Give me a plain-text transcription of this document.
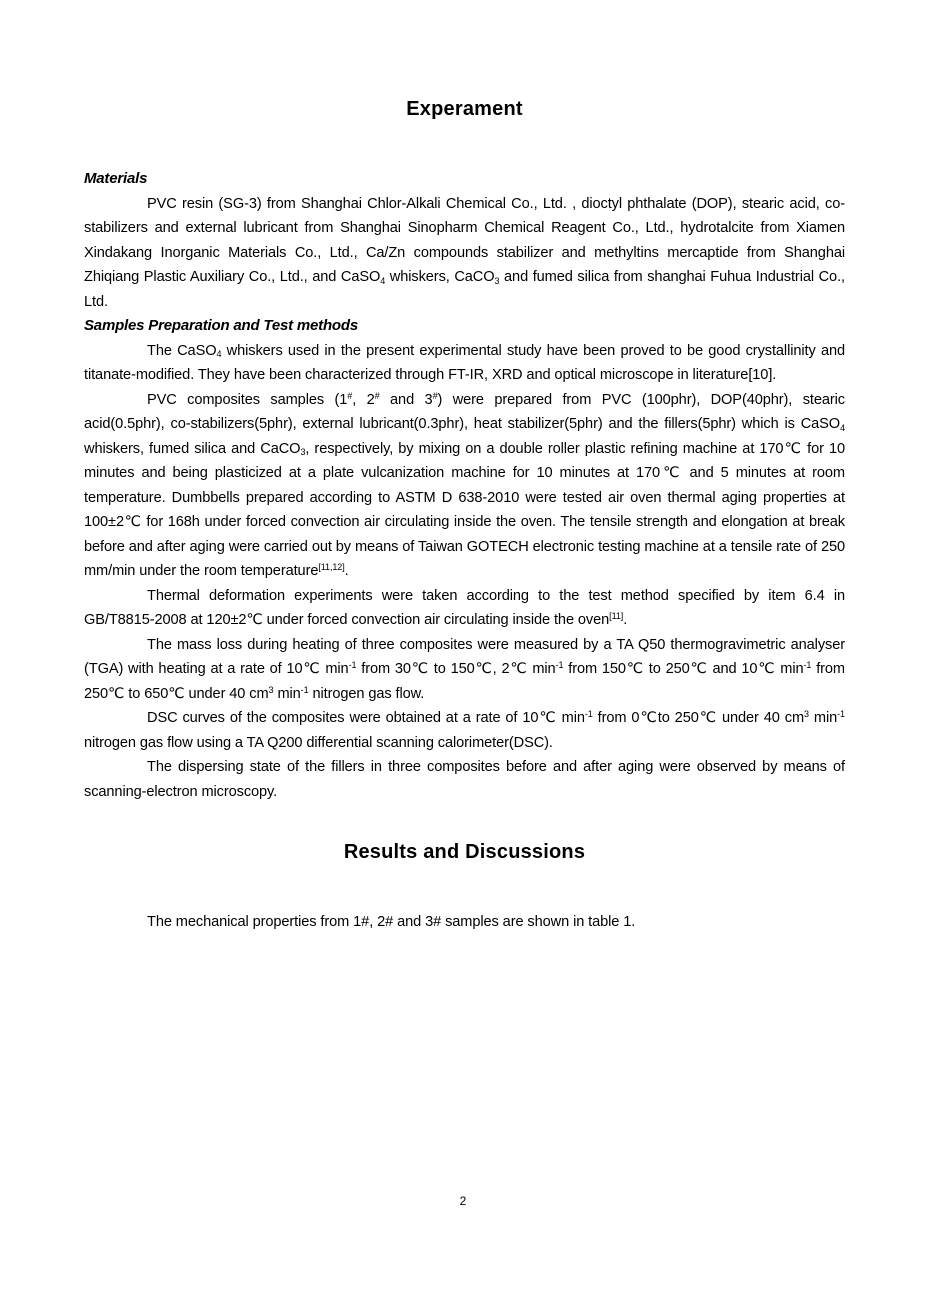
Experament
Materials

PVC resin (SG-3) from Shanghai Chlor-Alkali Chemical Co., Ltd. , dioctyl phthalate (DOP), stearic acid, co-stabilizers and external lubricant from Shanghai Sinopharm Chemical Reagent Co., Ltd., hydrotalcite from Xiamen Xindakang Inorganic Materials Co., Ltd., Ca/Zn compounds stabilizer and methyltins mercaptide from Shanghai Zhiqiang Plastic Auxiliary Co., Ltd., and CaSO$_4$ whiskers, CaCO$_3$ and fumed silica from shanghai Fuhua Industrial Co., Ltd.

Samples Preparation and Test methods

The CaSO$_4$ whiskers used in the present experimental study have been proved to be good crystallinity and titanate-modified. They have been characterized through FT-IR, XRD and optical microscope in literature[10].

PVC composites samples (1#, 2# and 3#) were prepared from PVC (100phr), DOP(40phr), stearic acid(0.5phr), co-stabilizers(5phr), external lubricant(0.3phr), heat stabilizer(5phr) and the fillers(5phr) which is CaSO$_4$ whiskers, fumed silica and CaCO$_3$, respectively, by mixing on a double roller plastic refining machine at 170℃ for 10 minutes and being plasticized at a plate vulcanization machine for 10 minutes at 170℃ and 5 minutes at room temperature. Dumbbells prepared according to ASTM D 638-2010 were tested air oven thermal aging properties at 100±2℃ for 168h under forced convection air circulating inside the oven. The tensile strength and elongation at break before and after aging were carried out by means of Taiwan GOTECH electronic testing machine at a tensile rate of 250 mm/min under the room temperature[11,12].

Thermal deformation experiments were taken according to the test method specified by item 6.4 in GB/T8815-2008 at 120±2℃ under forced convection air circulating inside the oven[11].

The mass loss during heating of three composites were measured by a TA Q50 thermogravimetric analyser (TGA) with heating at a rate of 10℃ $\min^{-1}$ from 30℃ to 150℃, 2℃ $\min^{-1}$ from 150℃ to 250℃ and 10℃ $\min^{-1}$ from 250℃ to 650℃ under 40 $cm^3$ $\min^{-1}$ nitrogen gas flow.

DSC curves of the composites were obtained at a rate of 10℃ $\min^{-1}$ from 0℃to 250℃ under 40 $cm^3$ $\min^{-1}$ nitrogen gas flow using a TA Q200 differential scanning calorimeter(DSC).

The dispersing state of the fillers in three composites before and after aging were observed by means of scanning-electron microscopy.

Results and Discussions

The mechanical properties from 1#, 2# and 3# samples are shown in table 1.

2
